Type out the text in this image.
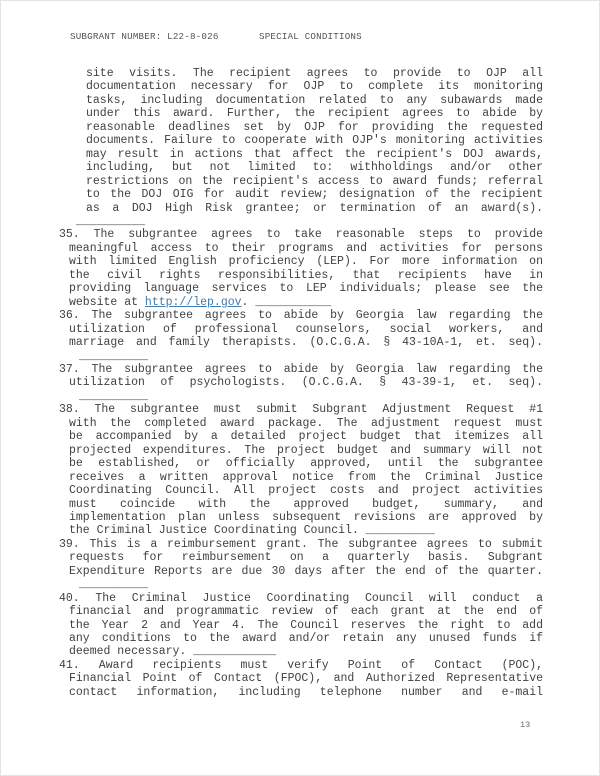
SUBGRANT NUMBER: L22-8-026	SPECIAL CONDITIONS
site visits. The recipient agrees to provide to OJP all
documentation necessary for OJP to complete its monitoring
tasks, including documentation related to any subawards made
under this award. Further, the recipient agrees to abide by
reasonable deadlines set by OJP for providing the requested
documents. Failure to cooperate with OJP's monitoring activities
may result in actions that affect the recipient's DOJ awards,
including, but not limited to: withholdings and/or other
restrictions on the recipient's access to award funds; referral
to the DOJ OIG for audit review; designation of the recipient
as a DOJ High Risk grantee; or termination of an award(s).
__________
35. The subgrantee agrees to take reasonable steps to provide
meaningful access to their programs and activities for persons
with limited English proficiency (LEP). For more information on
the civil rights responsibilities, that recipients have in
providing language services to LEP individuals; please see the
website at http://lep.gov. ___________
36. The subgrantee agrees to abide by Georgia law regarding the
utilization of professional counselors, social workers, and
marriage and family therapists. (O.C.G.A. § 43-10A-1, et. seq).
__________
37. The subgrantee agrees to abide by Georgia law regarding the
utilization of psychologists. (O.C.G.A. § 43-39-1, et. seq).
__________
38. The subgrantee must submit Subgrant Adjustment Request #1
with the completed award package. The adjustment request must
be accompanied by a detailed project budget that itemizes all
projected expenditures. The project budget and summary will not
be established, or officially approved, until the subgrantee
receives a written approval notice from the Criminal Justice
Coordinating Council. All project costs and project activities
must coincide with the approved budget, summary, and
implementation plan unless subsequent revisions are approved by
the Criminal Justice Coordinating Council. __________
39. This is a reimbursement grant. The subgrantee agrees to submit
requests for reimbursement on a quarterly basis. Subgrant
Expenditure Reports are due 30 days after the end of the quarter.
__________
40. The Criminal Justice Coordinating Council will conduct a
financial and programmatic review of each grant at the end of
the Year 2 and Year 4. The Council reserves the right to add
any conditions to the award and/or retain any unused funds if
deemed necessary. ____________
41. Award recipients must verify Point of Contact (POC),
Financial Point of Contact (FPOC), and Authorized Representative
contact information, including telephone number and e-mail
13
